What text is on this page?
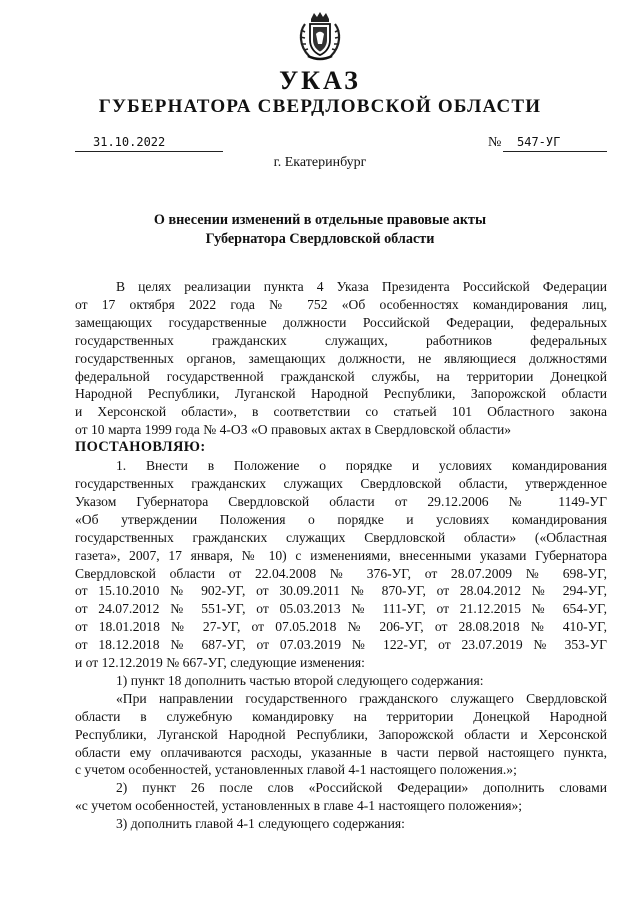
УКАЗ
ГУБЕРНАТОРА СВЕРДЛОВСКОЙ ОБЛАСТИ
31.10.2022	№	547-УГ
г. Екатеринбург
О внесении изменений в отдельные правовые акты
Губернатора Свердловской области

В целях реализации пункта 4 Указа Президента Российской Федерации

от 17 октября 2022 года № 752 «Об особенностях командирования лиц,

замещающих государственные должности Российской Федерации, федеральных

государственных гражданских служащих, работников федеральных

государственных органов, замещающих должности, не являющиеся должностями

федеральной государственной гражданской службы, на территории Донецкой

Народной Республики, Луганской Народной Республики, Запорожской области

и Херсонской области», в соответствии со статьей 101 Областного закона

от 10 марта 1999 года № 4-ОЗ «О правовых актах в Свердловской области»

ПОСТАНОВЛЯЮ:

1. Внести в Положение о порядке и условиях командирования

государственных гражданских служащих Свердловской области, утвержденное

Указом Губернатора Свердловской области от 29.12.2006 № 1149-УГ

«Об утверждении Положения о порядке и условиях командирования

государственных гражданских служащих Свердловской области» («Областная

газета», 2007, 17 января, № 10) с изменениями, внесенными указами Губернатора

Свердловской области от 22.04.2008 № 376-УГ, от 28.07.2009 № 698-УГ,

от 15.10.2010 № 902-УГ, от 30.09.2011 № 870-УГ, от 28.04.2012 № 294-УГ,

от 24.07.2012 № 551-УГ, от 05.03.2013 № 111-УГ, от 21.12.2015 № 654-УГ,

от 18.01.2018 № 27-УГ, от 07.05.2018 № 206-УГ, от 28.08.2018 № 410-УГ,

от 18.12.2018 № 687-УГ, от 07.03.2019 № 122-УГ, от 23.07.2019 № 353-УГ

и от 12.12.2019 № 667-УГ, следующие изменения:

1) пункт 18 дополнить частью второй следующего содержания:

«При направлении государственного гражданского служащего Свердловской

области в служебную командировку на территории Донецкой Народной

Республики, Луганской Народной Республики, Запорожской области и Херсонской

области ему оплачиваются расходы, указанные в части первой настоящего пункта,

с учетом особенностей, установленных главой 4-1 настоящего положения.»;

2) пункт 26 после слов «Российской Федерации» дополнить словами

«с учетом особенностей, установленных в главе 4-1 настоящего положения»;

3) дополнить главой 4-1 следующего содержания:
